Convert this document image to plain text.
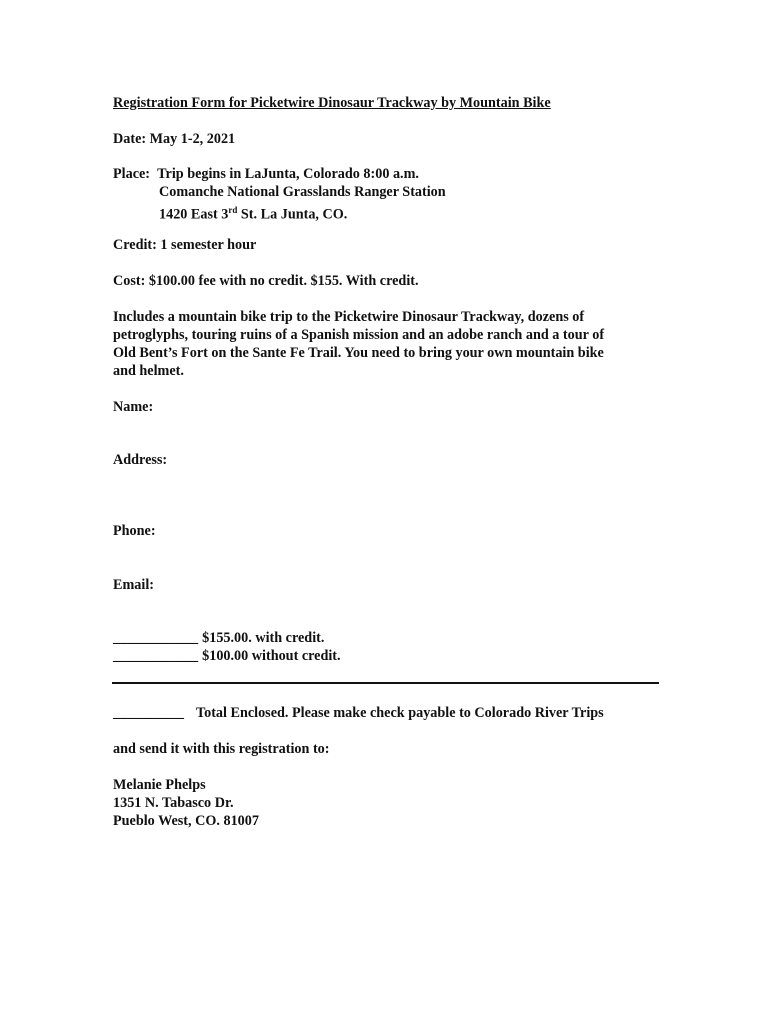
Registration Form for Picketwire Dinosaur Trackway by Mountain Bike
Date: May 1-2, 2021
Place: Trip begins in LaJunta, Colorado 8:00 a.m.
Comanche National Grasslands Ranger Station
1420 East 3rd St. La Junta, CO.
Credit: 1 semester hour
Cost: $100.00 fee with no credit. $155. With credit.
Includes a mountain bike trip to the Picketwire Dinosaur Trackway, dozens of
petroglyphs, touring ruins of a Spanish mission and an adobe ranch and a tour of
Old Bent’s Fort on the Sante Fe Trail. You need to bring your own mountain bike
and helmet.
Name:
Address:
Phone:
Email:
____________ $155.00. with credit.
____________ $100.00 without credit.
__________ Total Enclosed. Please make check payable to Colorado River Trips
and send it with this registration to:
Melanie Phelps
1351 N. Tabasco Dr.
Pueblo West, CO. 81007
